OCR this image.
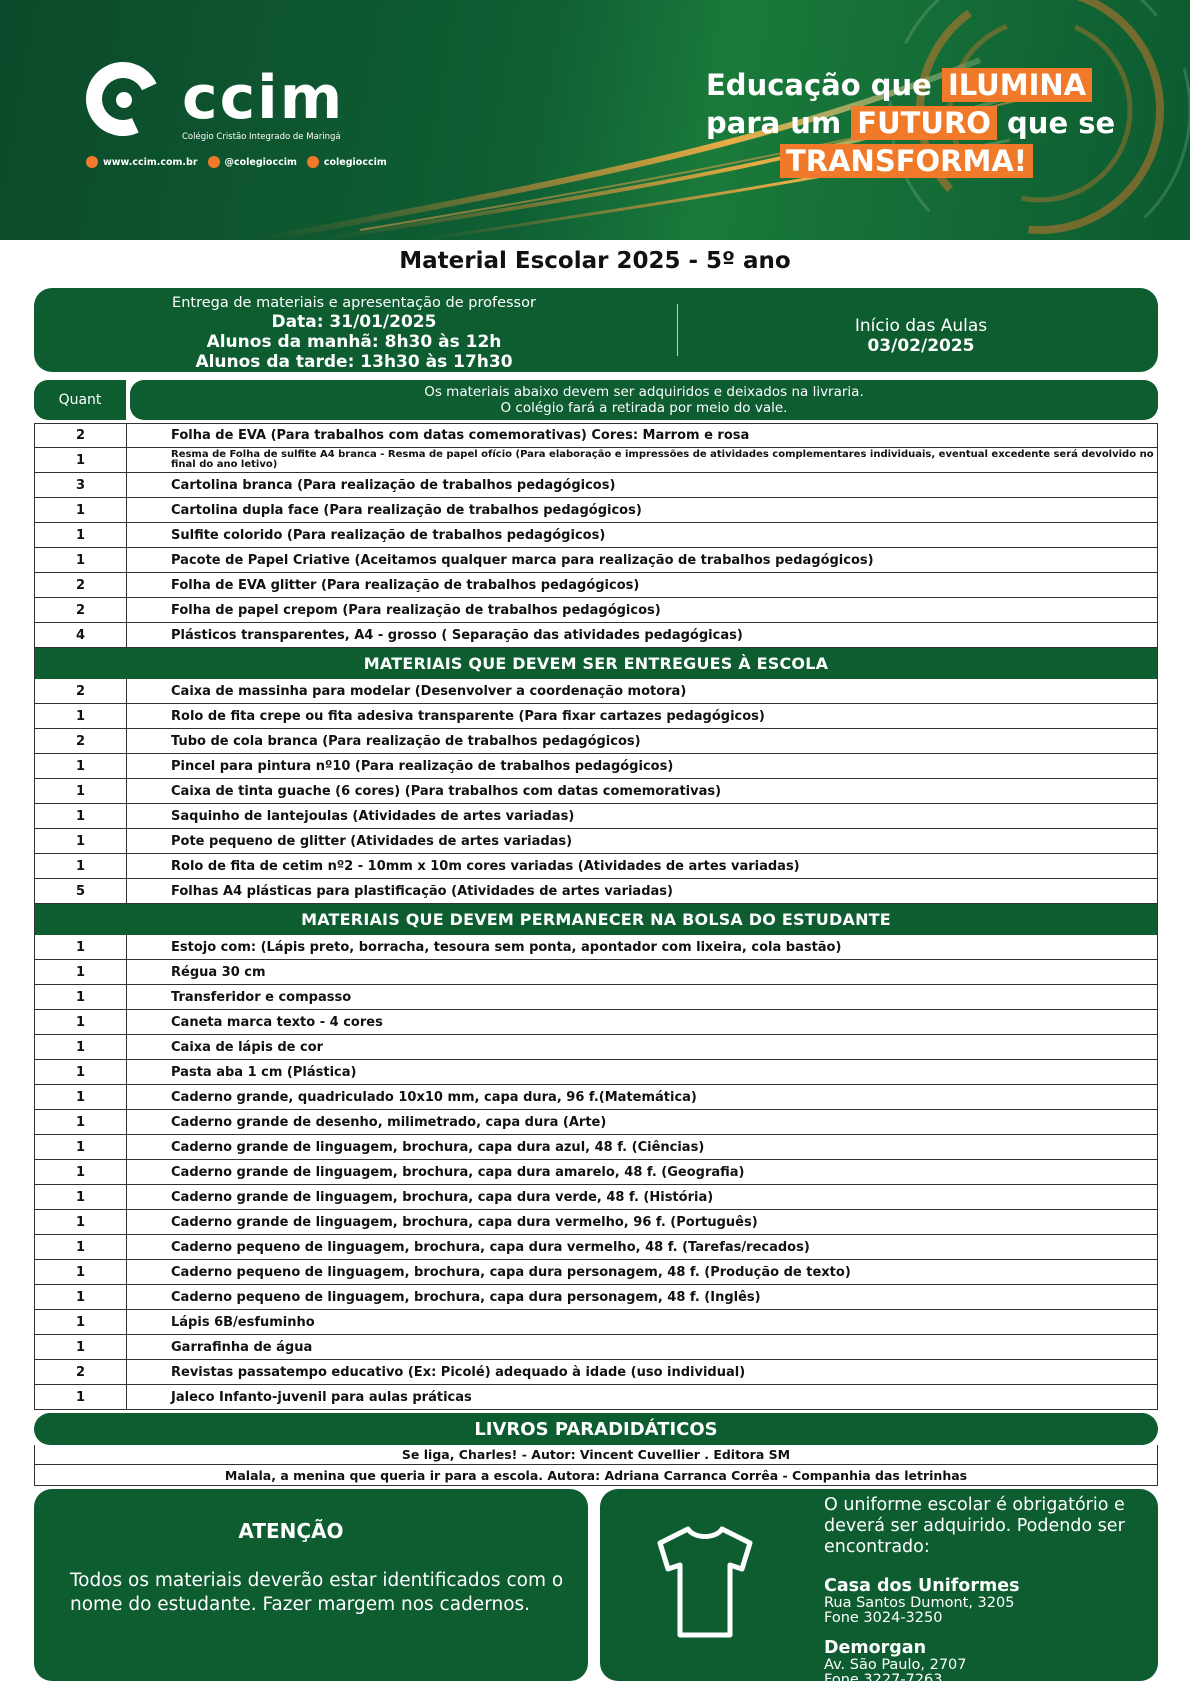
ccim
Colégio Cristão Integrado de Maringá
www.ccim.com.br	@colegioccim	colegioccim
Educação que ILUMINA
para um FUTURO que se
TRANSFORMA!
Material Escolar 2025 - 5º ano
Entrega de materiais e apresentação de professor
Data: 31/01/2025
Alunos da manhã: 8h30 às 12h
Alunos da tarde: 13h30 às 17h30
Início das Aulas
03/02/2025
Quant	Os materiais abaixo devem ser adquiridos e deixados na livraria.
O colégio fará a retirada por meio do vale.
2	Folha de EVA (Para trabalhos com datas comemorativas) Cores: Marrom e rosa
1	Resma de Folha de sulfite A4 branca - Resma de papel ofício (Para elaboração e impressões de atividades complementares individuais, eventual excedente será devolvido no final do ano letivo)
3	Cartolina branca (Para realização de trabalhos pedagógicos)
1	Cartolina dupla face (Para realização de trabalhos pedagógicos)
1	Sulfite colorido (Para realização de trabalhos pedagógicos)
1	Pacote de Papel Criative (Aceitamos qualquer marca para realização de trabalhos pedagógicos)
2	Folha de EVA glitter (Para realização de trabalhos pedagógicos)
2	Folha de papel crepom (Para realização de trabalhos pedagógicos)
4	Plásticos transparentes, A4 - grosso ( Separação das atividades pedagógicas)
MATERIAIS QUE DEVEM SER ENTREGUES À ESCOLA
2	Caixa de massinha para modelar (Desenvolver a coordenação motora)
1	Rolo de fita crepe ou fita adesiva transparente (Para fixar cartazes pedagógicos)
2	Tubo de cola branca (Para realização de trabalhos pedagógicos)
1	Pincel para pintura nº10 (Para realização de trabalhos pedagógicos)
1	Caixa de tinta guache (6 cores) (Para trabalhos com datas comemorativas)
1	Saquinho de lantejoulas (Atividades de artes variadas)
1	Pote pequeno de glitter (Atividades de artes variadas)
1	Rolo de fita de cetim nº2 - 10mm x 10m cores variadas (Atividades de artes variadas)
5	Folhas A4 plásticas para plastificação (Atividades de artes variadas)
MATERIAIS QUE DEVEM PERMANECER NA BOLSA DO ESTUDANTE
1	Estojo com: (Lápis preto, borracha, tesoura sem ponta, apontador com lixeira, cola bastão)
1	Régua 30 cm
1	Transferidor e compasso
1	Caneta marca texto - 4 cores
1	Caixa de lápis de cor
1	Pasta aba 1 cm (Plástica)
1	Caderno grande, quadriculado 10x10 mm, capa dura, 96 f.(Matemática)
1	Caderno grande de desenho, milimetrado, capa dura (Arte)
1	Caderno grande de linguagem, brochura, capa dura azul, 48 f. (Ciências)
1	Caderno grande de linguagem, brochura, capa dura amarelo, 48 f. (Geografia)
1	Caderno grande de linguagem, brochura, capa dura verde, 48 f. (História)
1	Caderno grande de linguagem, brochura, capa dura vermelho, 96 f. (Português)
1	Caderno pequeno de linguagem, brochura, capa dura vermelho, 48 f. (Tarefas/recados)
1	Caderno pequeno de linguagem, brochura, capa dura personagem, 48 f. (Produção de texto)
1	Caderno pequeno de linguagem, brochura, capa dura personagem, 48 f. (Inglês)
1	Lápis 6B/esfuminho
1	Garrafinha de água
2	Revistas passatempo educativo (Ex: Picolé) adequado à idade (uso individual)
1	Jaleco Infanto-juvenil para aulas práticas
LIVROS PARADIDÁTICOS
Se liga, Charles! - Autor: Vincent Cuvellier . Editora SM
Malala, a menina que queria ir para a escola. Autora: Adriana Carranca Corrêa - Companhia das letrinhas
ATENÇÃO
Todos os materiais deverão estar identificados com o nome do estudante. Fazer margem nos cadernos.
O uniforme escolar é obrigatório e deverá ser adquirido. Podendo ser encontrado:
Casa dos Uniformes
Rua Santos Dumont, 3205
Fone 3024-3250
Demorgan
Av. São Paulo, 2707
Fone 3227-7263
